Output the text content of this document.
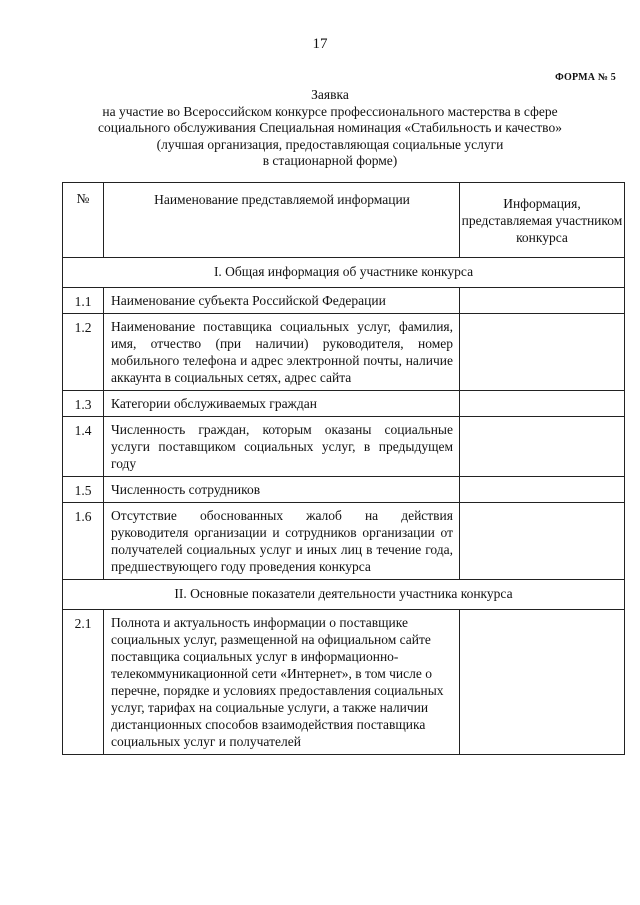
17
ФОРМА № 5
Заявка
на участие во Всероссийском конкурсе профессионального мастерства в сфере
социального обслуживания Специальная номинация «Стабильность и качество»
(лучшая организация, предоставляющая социальные услуги
в стационарной форме)
№	Наименование представляемой информации	Информация, представляемая участником конкурса
I. Общая информация об участнике конкурса		
1.1	Наименование субъекта Российской Федерации	
1.2	Наименование поставщика социальных услуг, фамилия, имя, отчество (при наличии) руководителя, номер мобильного телефона и адрес электронной почты, наличие аккаунта в социальных сетях, адрес сайта	
1.3	Категории обслуживаемых граждан	
1.4	Численность граждан, которым оказаны социальные услуги поставщиком социальных услуг, в предыдущем году	
1.5	Численность сотрудников	
1.6	Отсутствие обоснованных жалоб на действия руководителя организации и сотрудников организации от получателей социальных услуг и иных лиц в течение года, предшествующего году проведения конкурса	
II. Основные показатели деятельности участника конкурса		
2.1	Полнота и актуальность информации о поставщике социальных услуг, размещенной на официальном сайте поставщика социальных услуг в информационно-телекоммуникационной сети «Интернет», в том числе о перечне, порядке и условиях предоставления социальных услуг, тарифах на социальные услуги, а также наличии дистанционных способов взаимодействия поставщика социальных услуг и получателей	
